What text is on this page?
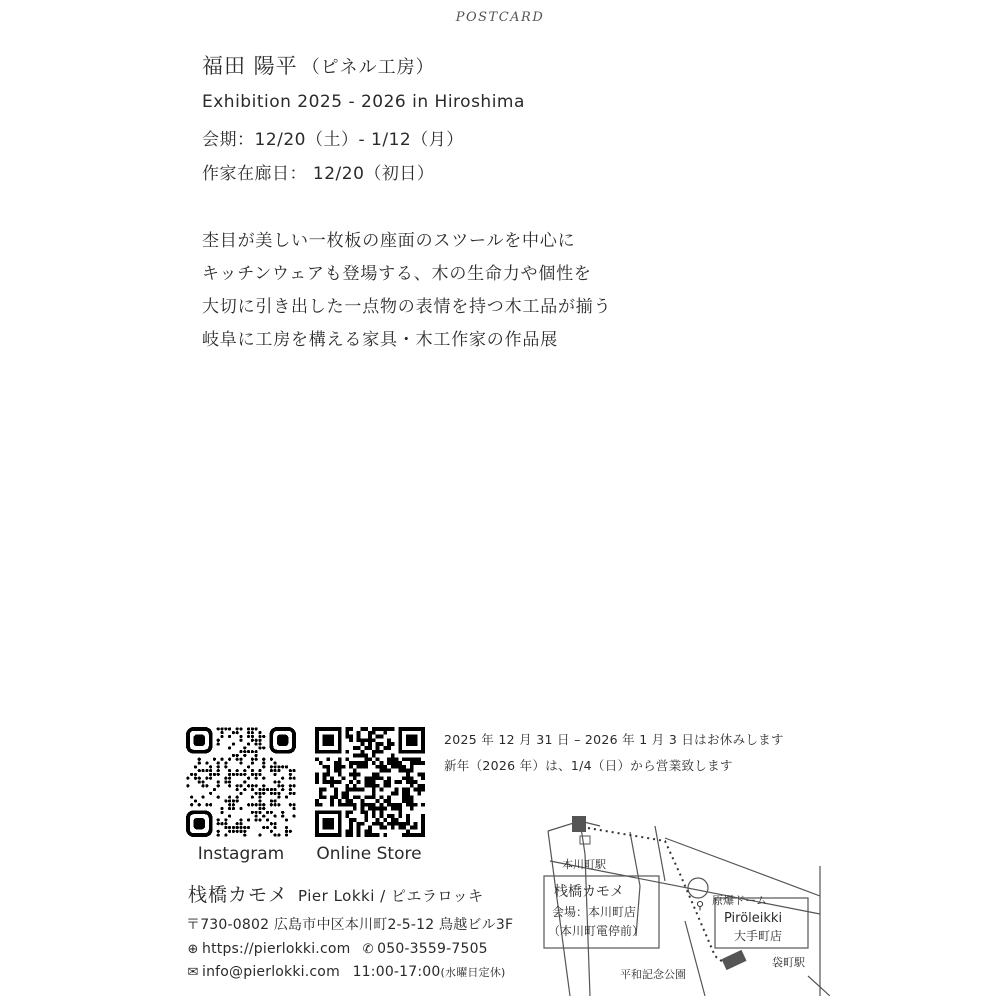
POSTCARD
福田 陽平 （ピネル工房）
Exhibition 2025 - 2026 in Hiroshima
会期：12/20（土）- 1/12（月）
作家在廊日： 12/20（初日）
杢目が美しい一枚板の座面のスツールを中心に
キッチンウェアも登場する、木の生命力や個性を
大切に引き出した一点物の表情を持つ木工品が揃う
岐阜に工房を構える家具・木工作家の作品展
Instagram	Online Store
2025 年 12 月 31 日 – 2026 年 1 月 3 日はお休みします
新年（2026 年）は、1/4（日）から営業致します
栈橋カモメ Pier Lokki / ピエラロッキ
〒730-0802 広島市中区本川町2-5-12 鳥越ビル3F
⊕ https://pierlokki.com ✆ 050-3559-7505
✉ info@pierlokki.com 11:00-17:00(水曜日定休)
⚲
本川町駅
栈橋カモメ
会場：本川町店
（本川町電停前）
原爆ドーム
Piröleikki
大手町店
袋町駅
平和記念公園
